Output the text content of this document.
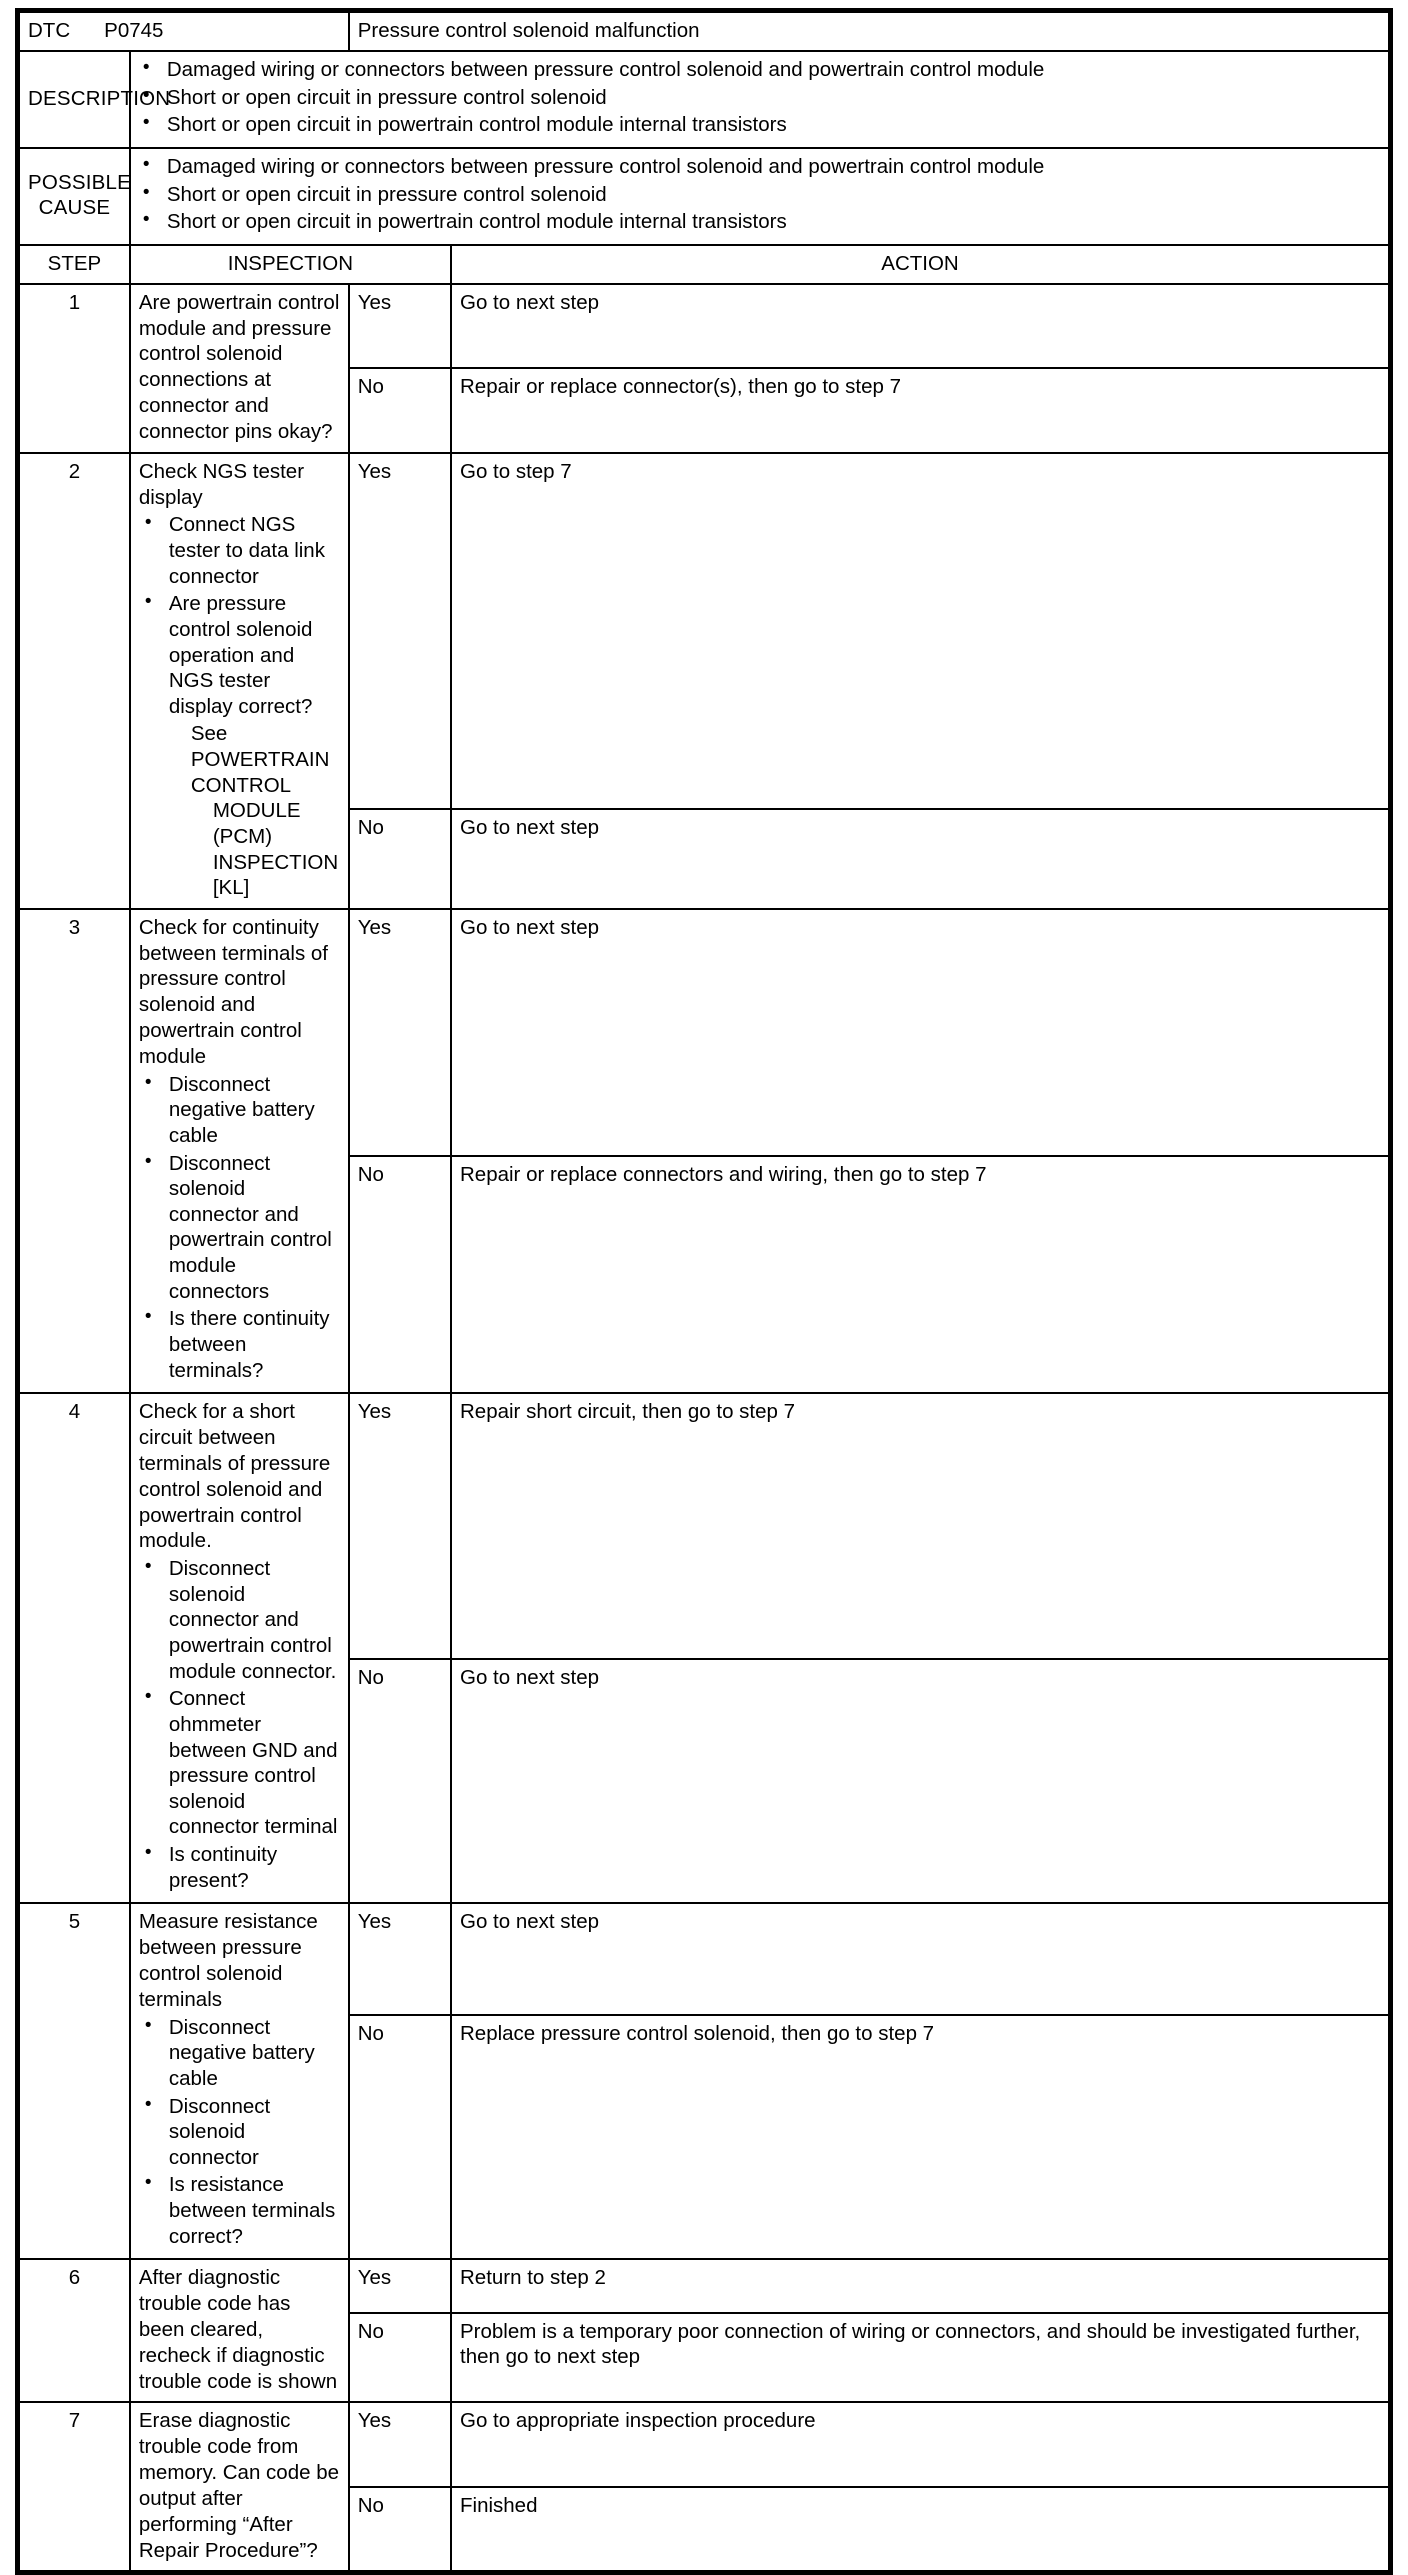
DTC P0745		Pressure control solenoid malfunction	
DESCRIPTION	
• Damaged wiring or connectors between pressure control solenoid and powertrain control module
• Short or open circuit in pressure control solenoid
• Short or open circuit in powertrain control module internal transistors

POSSIBLE CAUSE	
• Damaged wiring or connectors between pressure control solenoid and powertrain control module
• Short or open circuit in pressure control solenoid
• Short or open circuit in powertrain control module internal transistors

STEP	INSPECTION		ACTION
1	Are powertrain control module and pressure control solenoid connections at connector and connector pins okay?	Yes	Go to next step
		No	Repair or replace connector(s), then go to step 7
2	Check NGS tester display
• Connect NGS tester to data link connector
• Are pressure control solenoid operation and NGS tester display correct?
See POWERTRAIN CONTROL
MODULE (PCM) INSPECTION [KL]
	Yes	Go to step 7
		No	Go to next step
3	Check for continuity between terminals of pressure control solenoid and powertrain control module
• Disconnect negative battery cable
• Disconnect solenoid connector and powertrain control module connectors
• Is there continuity between terminals?
	Yes	Go to next step
		No	Repair or replace connectors and wiring, then go to step 7
4	Check for a short circuit between terminals of pressure control solenoid and powertrain control module.
• Disconnect solenoid connector and powertrain control module connector.
• Connect ohmmeter between GND and pressure control solenoid connector terminal
• Is continuity present?
	Yes	Repair short circuit, then go to step 7
		No	Go to next step
5	Measure resistance between pressure control solenoid terminals
• Disconnect negative battery cable
• Disconnect solenoid connector
• Is resistance between terminals correct?
	Yes	Go to next step
		No	Replace pressure control solenoid, then go to step 7
6	After diagnostic trouble code has been cleared, recheck if diagnostic trouble code is shown	Yes	Return to step 2
		No	Problem is a temporary poor connection of wiring or connectors, and should be investigated further, then go to next step
7	Erase diagnostic trouble code from memory. Can code be output after performing “After Repair Procedure”?	Yes	Go to appropriate inspection procedure
		No	Finished
